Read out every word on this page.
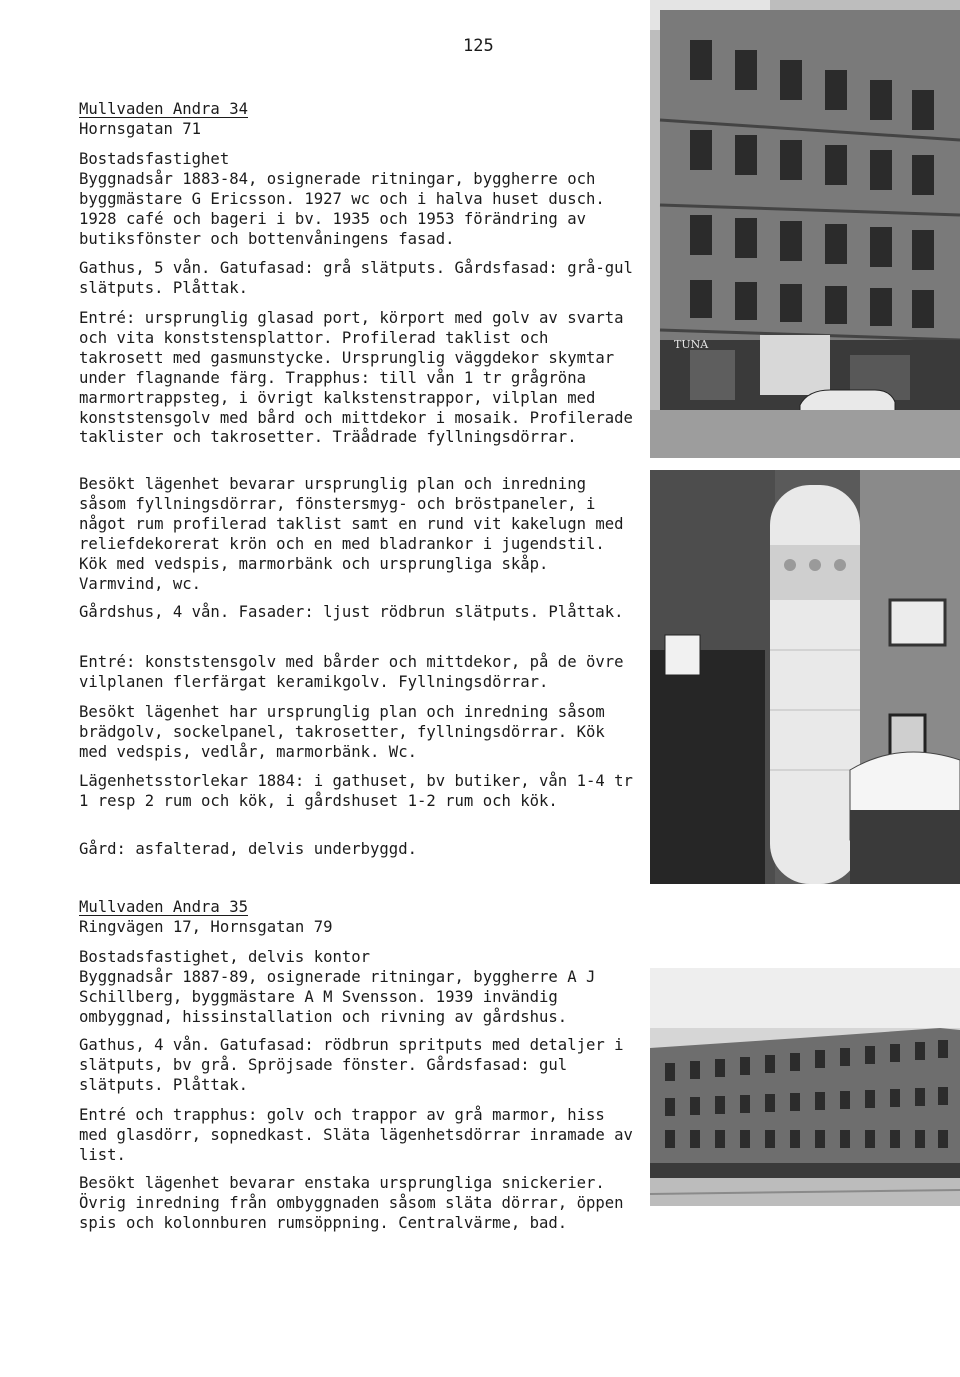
125
Mullvaden Andra 34
Hornsgatan 71
Bostadsfastighet
Byggnadsår 1883-84, osignerade ritningar, byggherre och byggmästare G Ericsson. 1927 wc och i halva huset dusch. 1928 café och bageri i bv. 1935 och 1953 förändring av butiksfönster och bottenvåningens fasad.
Gathus, 5 vån. Gatufasad: grå slätputs. Gårdsfasad: grå-gul slätputs. Plåttak.
Entré: ursprunglig glasad port, körport med golv av svarta och vita konststensplattor. Profilerad taklist och takrosett med gasmunstycke. Ursprunglig väggdekor skymtar under flagnande färg. Trapphus: till vån 1 tr grågröna marmortrappsteg, i övrigt kalkstenstrappor, vilplan med konststensgolv med bård och mittdekor i mosaik. Profilerade taklister och takrosetter. Träådrade fyllningsdörrar.
Besökt lägenhet bevarar ursprunglig plan och inredning såsom fyllningsdörrar, fönstersmyg- och bröstpaneler, i något rum profilerad taklist samt en rund vit kakelugn med reliefdekorerat krön och en med bladrankor i jugendstil. Kök med vedspis, marmorbänk och ursprungliga skåp. Varmvind, wc.
Gårdshus, 4 vån. Fasader: ljust rödbrun slätputs. Plåttak.
Entré: konststensgolv med bårder och mittdekor, på de övre vilplanen flerfärgat keramikgolv. Fyllningsdörrar.
Besökt lägenhet har ursprunglig plan och inredning såsom brädgolv, sockelpanel, takrosetter, fyllningsdörrar. Kök med vedspis, vedlår, marmorbänk. Wc.
Lägenhetsstorlekar 1884: i gathuset, bv butiker, vån 1-4 tr 1 resp 2 rum och kök, i gårdshuset 1-2 rum och kök.
Gård: asfalterad, delvis underbyggd.
Mullvaden Andra 35
Ringvägen 17, Hornsgatan 79
Bostadsfastighet, delvis kontor
Byggnadsår 1887-89, osignerade ritningar, byggherre A J Schillberg, byggmästare A M Svensson. 1939 invändig ombyggnad, hissinstallation och rivning av gårdshus.
Gathus, 4 vån. Gatufasad: rödbrun spritputs med detaljer i slätputs, bv grå. Spröjsade fönster. Gårdsfasad: gul slätputs. Plåttak.
Entré och trapphus: golv och trappor av grå marmor, hiss med glasdörr, sopnedkast. Släta lägenhetsdörrar inramade av list.
Besökt lägenhet bevarar enstaka ursprungliga snickerier. Övrig inredning från ombyggnaden såsom släta dörrar, öppen spis och kolonnburen rumsöppning. Centralvärme, bad.
TUNA
